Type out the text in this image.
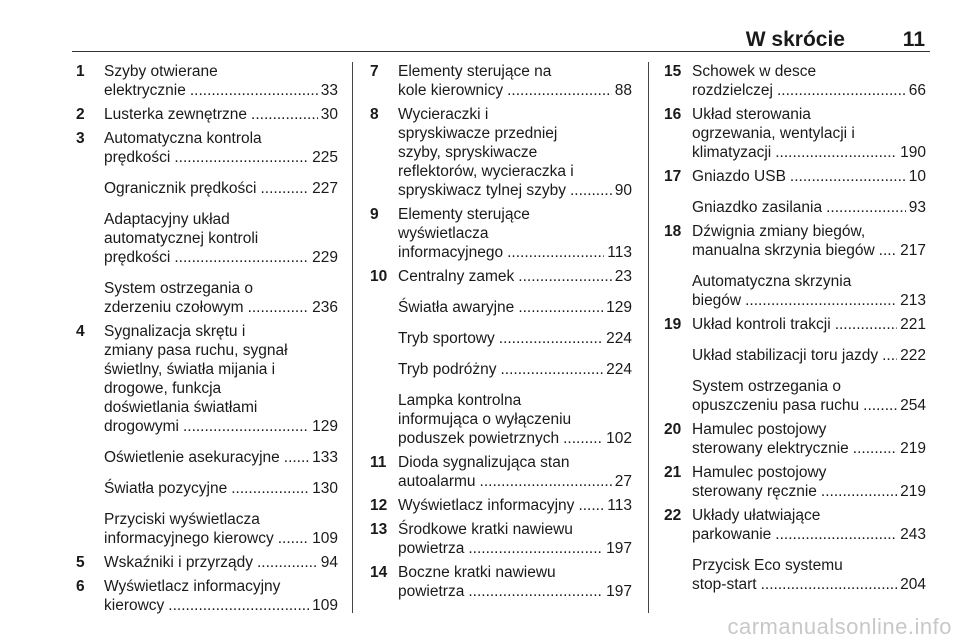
W skrócie	11
1	Szyby otwierane
elektrycznie .....	33
2	Lusterka zewnętrzne .....	30
3	Automatyczna kontrola
prędkości .....	225
Ogranicznik prędkości .....	227
Adaptacyjny układ
automatycznej kontroli
prędkości .....	229
System ostrzegania o
zderzeniu czołowym .....	236
4	Sygnalizacja skrętu i
zmiany pasa ruchu, sygnał
świetlny, światła mijania i
drogowe, funkcja
doświetlania światłami
drogowymi .....	129
Oświetlenie asekuracyjne ..... 133
Światła pozycyjne .....	130
Przyciski wyświetlacza
informacyjnego kierowcy ..... 109
5	Wskaźniki i przyrządy .....	94
6	Wyświetlacz informacyjny
kierowcy .....	109
7	Elementy sterujące na
kole kierownicy .....	88
8	Wycieraczki i
spryskiwacze przedniej
szyby, spryskiwacze
reflektorów, wycieraczka i
spryskiwacz tylnej szyby .....	90
9	Elementy sterujące
wyświetlacza
informacyjnego .....	113
10 Centralny zamek .....	23
Światła awaryjne .....	129
Tryb sportowy .....	224
Tryb podróżny .....	224
Lampka kontrolna
informująca o wyłączeniu
poduszek powietrznych .....	102
11 Dioda sygnalizująca stan
autoalarmu .....	27
12 Wyświetlacz informacyjny ..... 113
13 Środkowe kratki nawiewu
powietrza .....	197
14 Boczne kratki nawiewu
powietrza .....	197
15 Schowek w desce
rozdzielczej .....	66
16 Układ sterowania
ogrzewania, wentylacji i
klimatyzacji .....	190
17 Gniazdo USB .....	10
Gniazdko zasilania .....	93
18 Dźwignia zmiany biegów,
manualna skrzynia biegów ..... 217
Automatyczna skrzynia
biegów .....	213
19 Układ kontroli trakcji .....	221
Układ stabilizacji toru jazdy ..... 222
System ostrzegania o
opuszczeniu pasa ruchu .....	254
20 Hamulec postojowy
sterowany elektrycznie .....	219
21 Hamulec postojowy
sterowany ręcznie .....	219
22 Układy ułatwiające
parkowanie .....	243
Przycisk Eco systemu
stop-start .....	204
carmanualsonline.info
